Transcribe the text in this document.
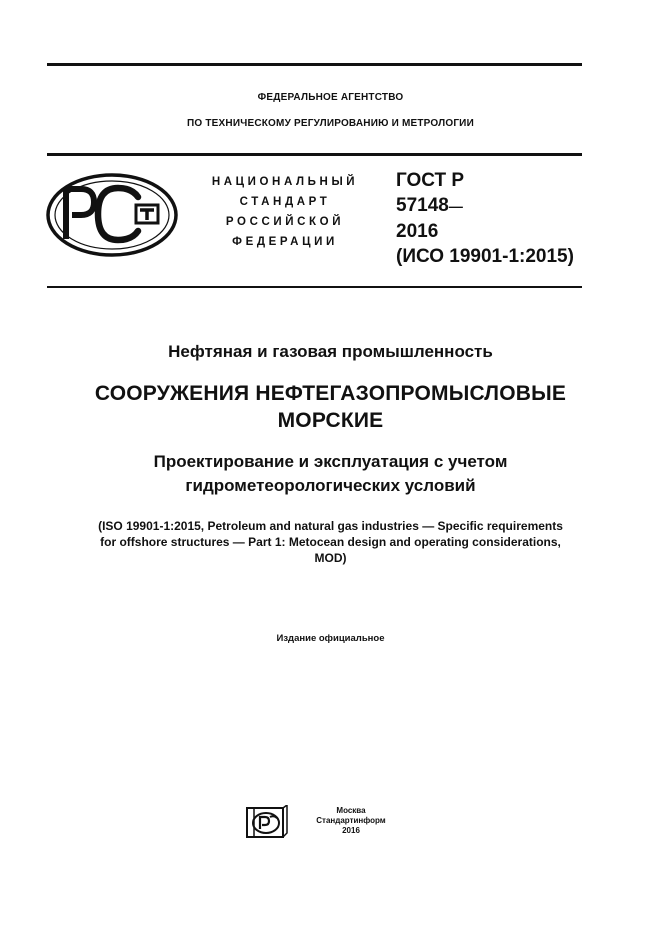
ФЕДЕРАЛЬНОЕ АГЕНТСТВО
ПО ТЕХНИЧЕСКОМУ РЕГУЛИРОВАНИЮ И МЕТРОЛОГИИ
НАЦИОНАЛЬНЫЙ
СТАНДАРТ
РОССИЙСКОЙ
ФЕДЕРАЦИИ
ГОСТ Р
57148—
2016
(ИСО 19901-1:2015)
Нефтяная и газовая промышленность
СООРУЖЕНИЯ НЕФТЕГАЗОПРОМЫСЛОВЫЕ
МОРСКИЕ
Проектирование и эксплуатация с учетом
гидрометеорологических условий
(ISO 19901-1:2015, Petroleum and natural gas industries — Specific requirements
for offshore structures — Part 1: Metocean design and operating considerations,
MOD)
Издание официальное
Москва
Стандартинформ
2016
